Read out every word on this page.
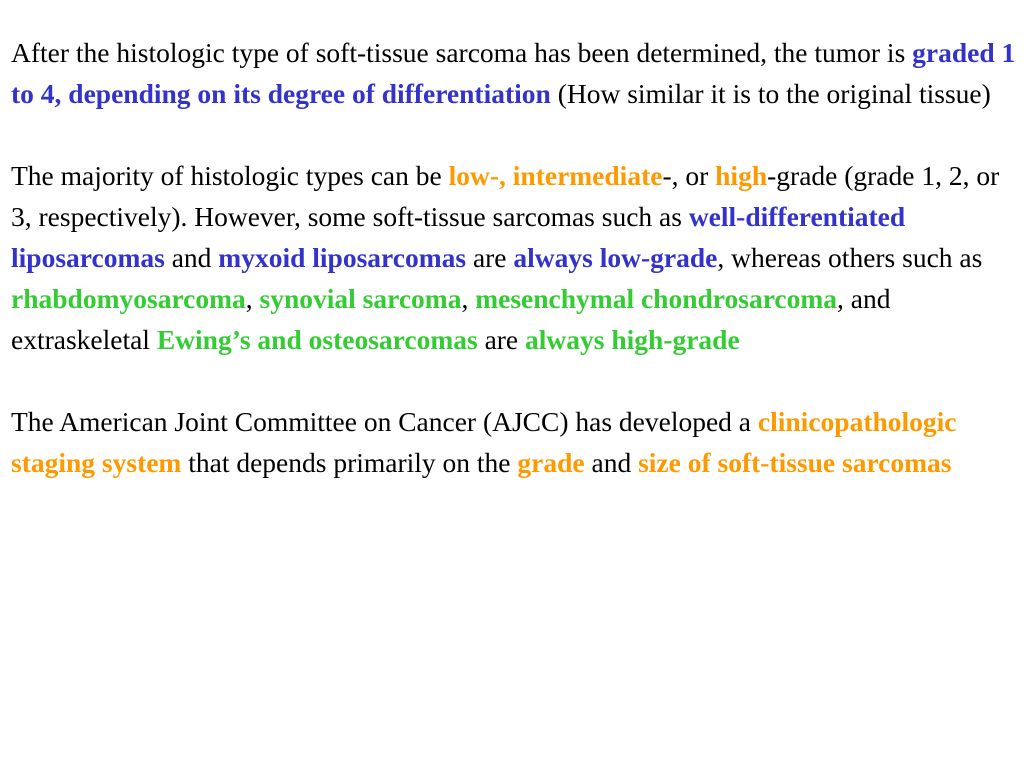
After the histologic type of soft-tissue sarcoma has been determined, the tumor is graded 1 to 4, depending on its degree of differentiation (How similar it is to the original tissue)

The majority of histologic types can be low-, intermediate-, or high-grade (grade 1, 2, or 3, respectively). However, some soft-tissue sarcomas such as well-differentiated liposarcomas and myxoid liposarcomas are always low-grade, whereas others such as rhabdomyosarcoma, synovial sarcoma, mesenchymal chondrosarcoma, and extraskeletal Ewing’s and osteosarcomas are always high-grade

The American Joint Committee on Cancer (AJCC) has developed a clinicopathologic staging system that depends primarily on the grade and size of soft-tissue sarcomas
